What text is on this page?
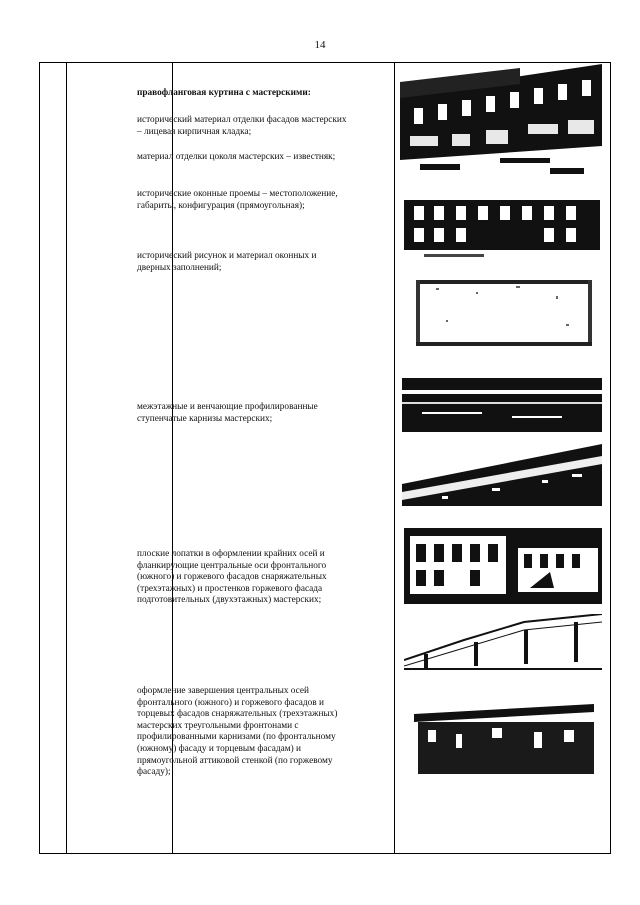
14
правофланговая куртина с мастерскими:
исторический материал отделки фасадов мастерских – лицевая кирпичная кладка;
материал отделки цоколя мастерских – известняк;
исторические оконные проемы – местоположение, габариты, конфигурация (прямоугольная);
исторический рисунок и материал оконных и дверных заполнений;
межэтажные и венчающие профилированные ступенчатые карнизы мастерских;
плоские лопатки в оформлении крайних осей и фланкирующие центральные оси фронтального (южного) и горжевого фасадов снаряжательных (трехэтажных) и простенков горжевого фасада подготовительных (двухэтажных) мастерских;
оформление завершения центральных осей фронтального (южного) и горжевого фасадов и торцевых фасадов снаряжательных (трехэтажных) мастерских треугольными фронтонами с профилированными карнизами (по фронтальному (южному) фасаду и торцевым фасадам) и прямоугольной аттиковой стенкой (по горжевому фасаду);
